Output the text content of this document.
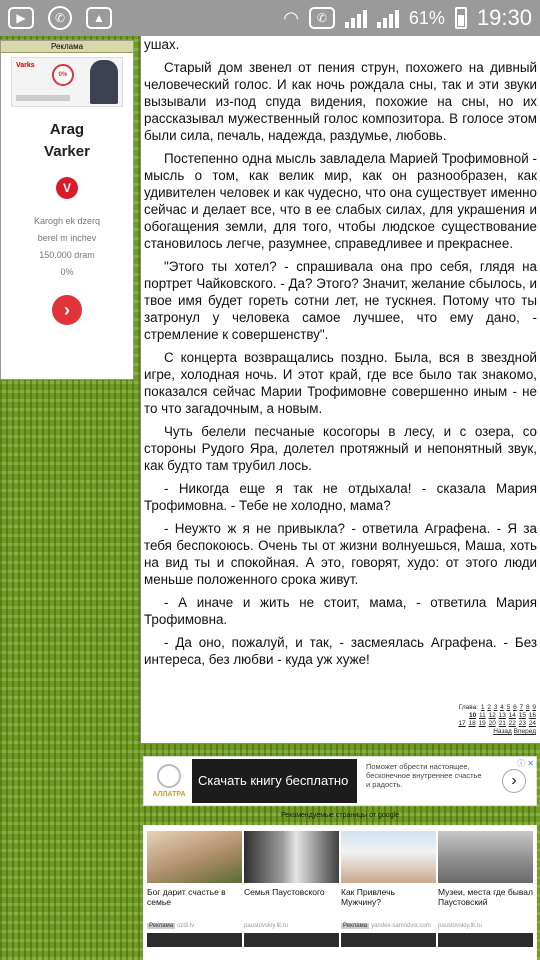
▶	✆	▲	◠	✆	61% 19:30
Реклама
Varks
0%
Arag
Varker
V
Karogh ek dzerq
berel m inchev
150.000 dram
0%
›

ушах.

Старый дом звенел от пения струн, похожего на дивный человеческий голос. И как ночь рождала сны, так и эти звуки вызывали из-под спуда видения, похожие на сны, но их рассказывал мужественный голос композитора. В голосе этом были сила, печаль, надежда, раздумье, любовь.

Постепенно одна мысль завладела Марией Трофимовной - мысль о том, как велик мир, как он разнообразен, как удивителен человек и как чудесно, что она существует именно сейчас и делает все, что в ее слабых силах, для украшения и обогащения земли, для того, чтобы людское существование становилось легче, разумнее, справедливее и прекраснее.

"Этого ты хотел? - спрашивала она про себя, глядя на портрет Чайковского. - Да? Этого? Значит, желание сбылось, и твое имя будет гореть сотни лет, не тускнея. Потому что ты затронул у человека самое лучшее, что ему дано, - стремление к совершенству".

С концерта возвращались поздно. Была, вся в звездной игре, холодная ночь. И этот край, где все было так знакомо, показался сейчас Марии Трофимовне совершенно иным - не то что загадочным, а новым.

Чуть белели песчаные косогоры в лесу, и с озера, со стороны Рудого Яра, долетел протяжный и непонятный звук, как будто там трубил лось.

- Никогда еще я так не отдыхала! - сказала Мария Трофимовна. - Тебе не холодно, мама?

- Неужто ж я не привыкла? - ответила Аграфена. - Я за тебя беспокоюсь. Очень ты от жизни волнуешься, Маша, хоть на вид ты и спокойная. А это, говорят, худо: от этого люди меньше положенного срока живут.

- А иначе и жить не стоит, мама, - ответила Мария Трофимовна.

- Да оно, пожалуй, и так, - засмеялась Аграфена. - Без интереса, без любви - куда уж хуже!

Глава: 1 2 3 4 5 6 7 8 9
10 11 12 13 14 15 16
17 18 19 20 21 22 23 24
Назад Вперед
АЛЛАТРА
Скачать книгу бесплатно
Поможет обрести настоящее, бесконечное внутреннее счастье и радость.	›
ⓘ ✕
Рекомендуемые страницы от google
Бог дарит счастье в семье
Реклама ozdi.lv
Семья Паустовского
paustovskiy.lit.ru
Как Привлечь Мужчину?
Реклама yandex-samodvix.com
Музеи, места где бывал Паустовский
paustovskiy.lit.ru
